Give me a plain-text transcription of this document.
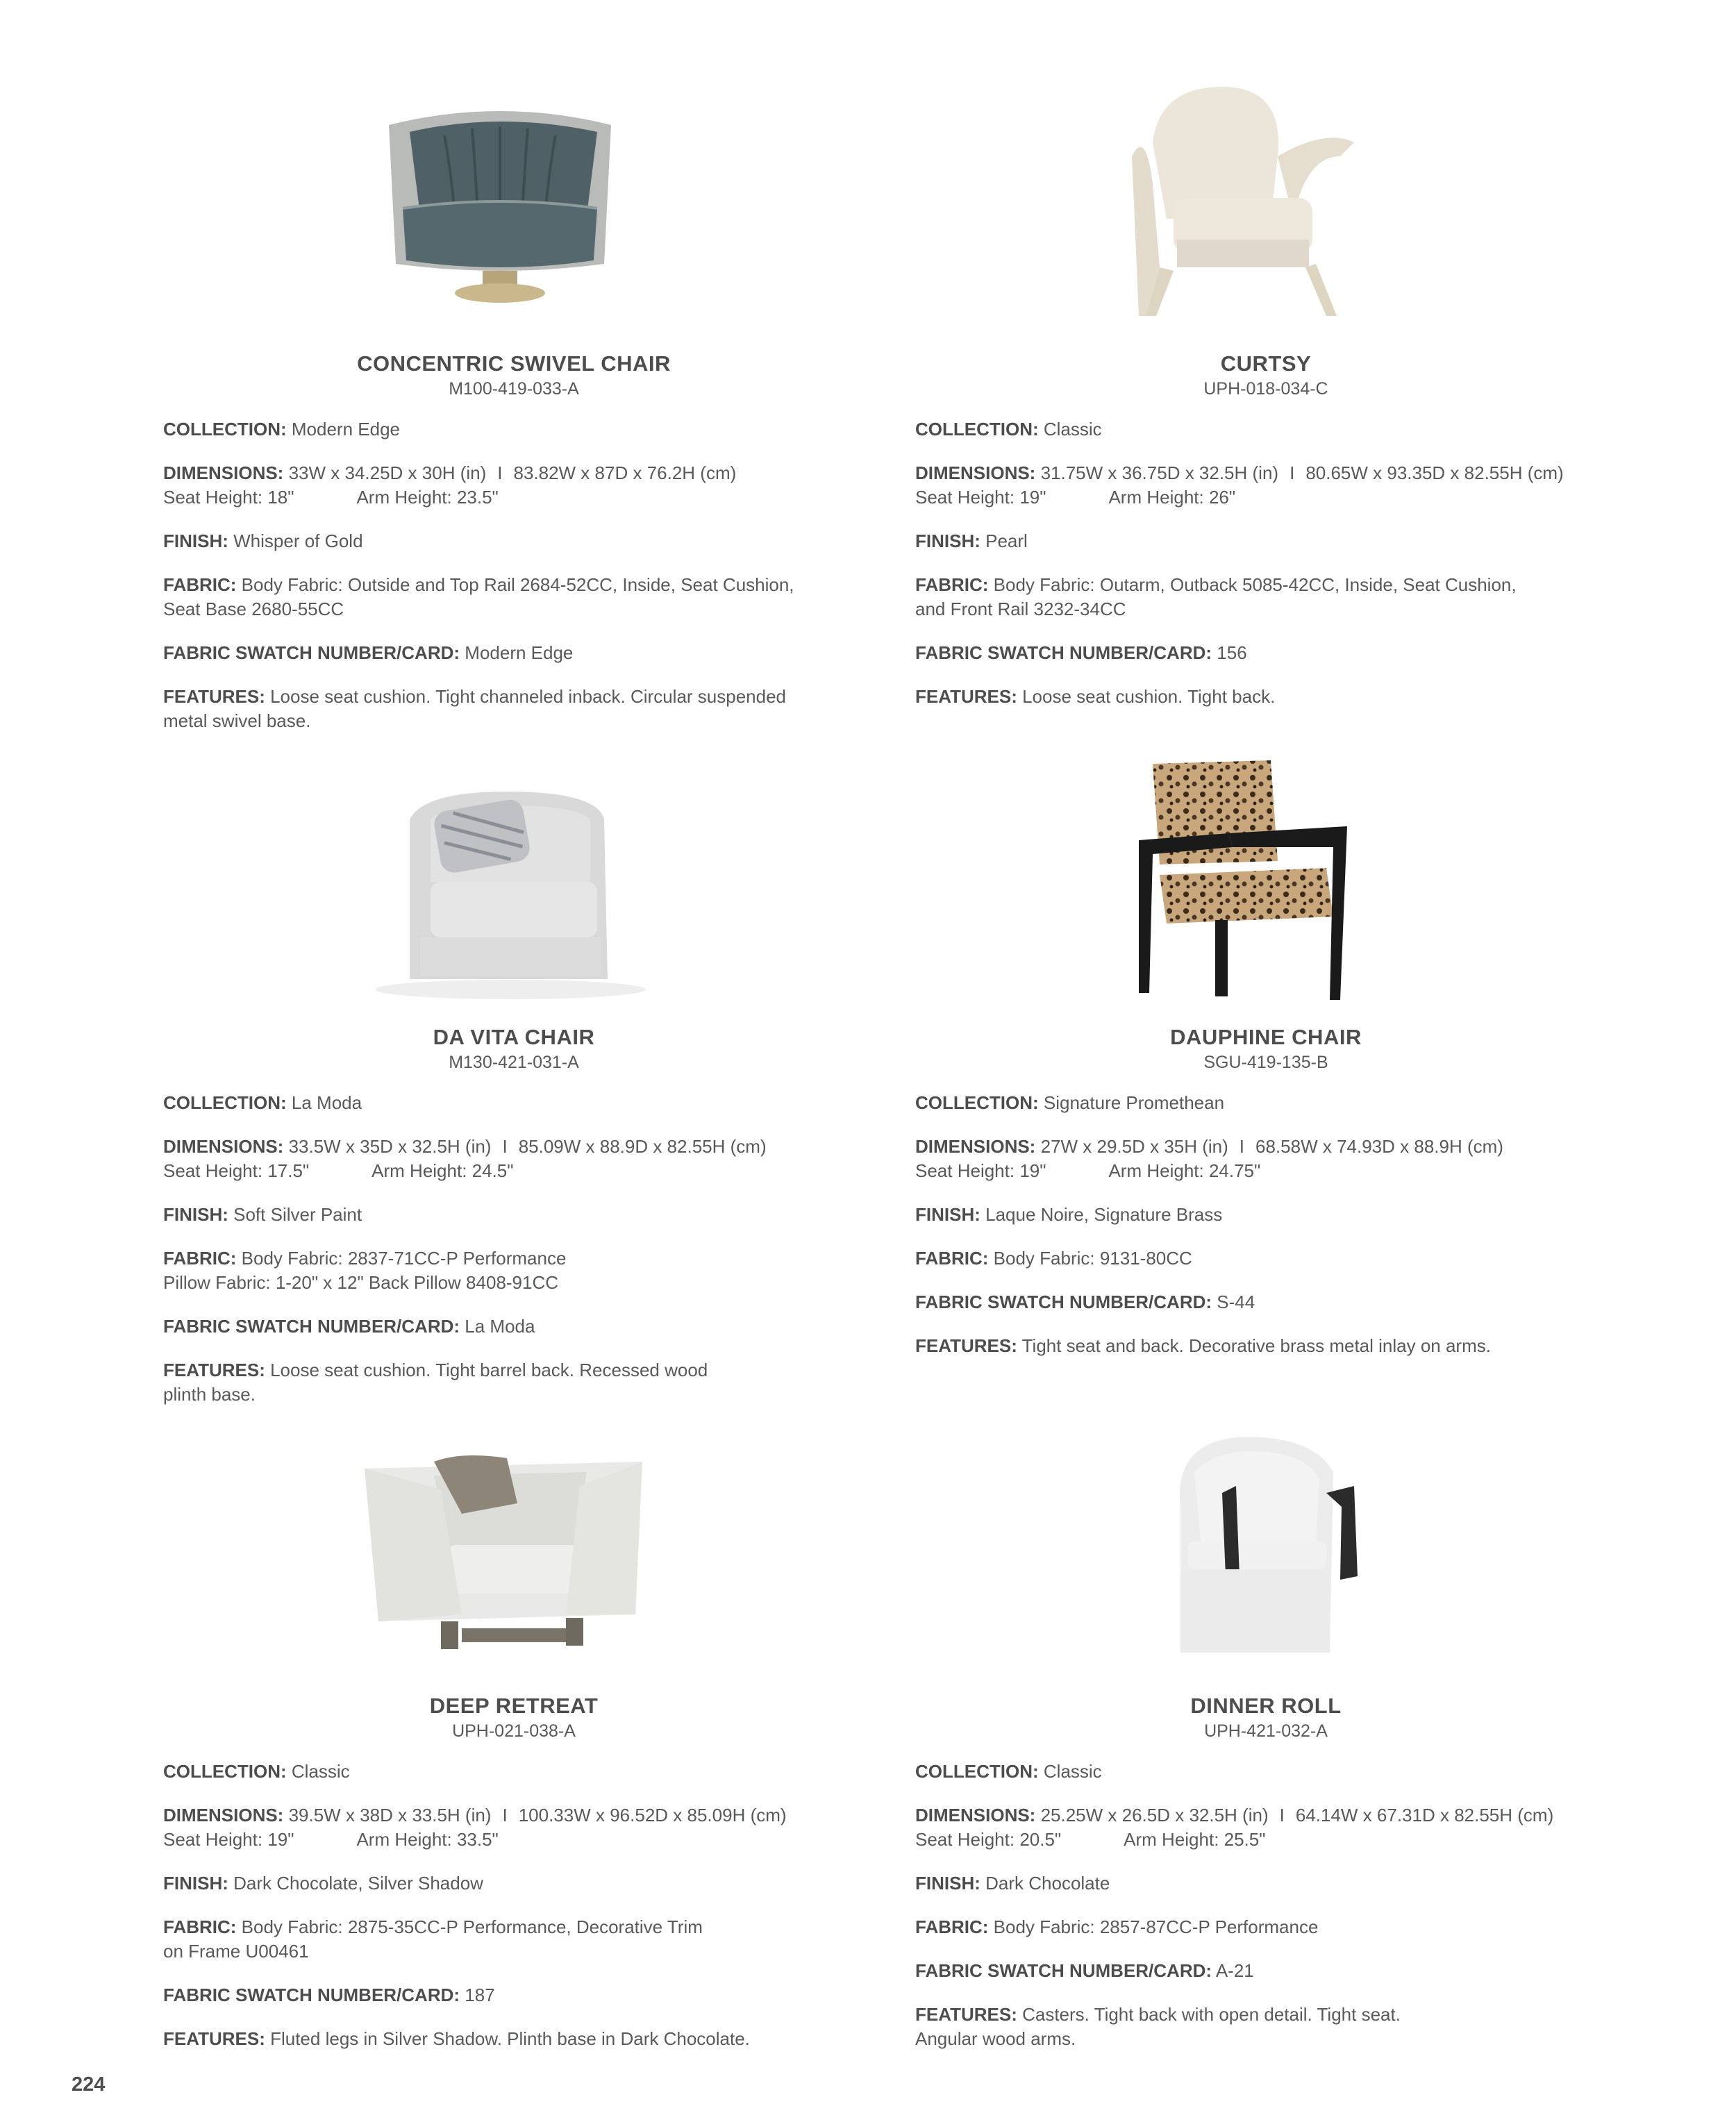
CONCENTRIC SWIVEL CHAIR

M100-419-033-A

COLLECTION: Modern Edge

DIMENSIONS: 33W x 34.25D x 30H (in) I 83.82W x 87D x 76.2H (cm)
Seat Height: 18"	Arm Height: 23.5"

FINISH: Whisper of Gold

FABRIC: Body Fabric: Outside and Top Rail 2684-52CC, Inside, Seat Cushion,
Seat Base 2680-55CC

FABRIC SWATCH NUMBER/CARD: Modern Edge

FEATURES: Loose seat cushion. Tight channeled inback. Circular suspended
metal swivel base.

CURTSY

UPH-018-034-C

COLLECTION: Classic

DIMENSIONS: 31.75W x 36.75D x 32.5H (in) I 80.65W x 93.35D x 82.55H (cm)
Seat Height: 19"	Arm Height: 26"

FINISH: Pearl

FABRIC: Body Fabric: Outarm, Outback 5085-42CC, Inside, Seat Cushion,
and Front Rail 3232-34CC

FABRIC SWATCH NUMBER/CARD: 156

FEATURES: Loose seat cushion. Tight back.

DA VITA CHAIR

M130-421-031-A

COLLECTION: La Moda

DIMENSIONS: 33.5W x 35D x 32.5H (in) I 85.09W x 88.9D x 82.55H (cm)
Seat Height: 17.5"	Arm Height: 24.5"

FINISH: Soft Silver Paint

FABRIC: Body Fabric: 2837-71CC-P Performance
Pillow Fabric: 1-20" x 12" Back Pillow 8408-91CC

FABRIC SWATCH NUMBER/CARD: La Moda

FEATURES: Loose seat cushion. Tight barrel back. Recessed wood
plinth base.

DAUPHINE CHAIR

SGU-419-135-B

COLLECTION: Signature Promethean

DIMENSIONS: 27W x 29.5D x 35H (in) I 68.58W x 74.93D x 88.9H (cm)
Seat Height: 19"	Arm Height: 24.75"

FINISH: Laque Noire, Signature Brass

FABRIC: Body Fabric: 9131-80CC

FABRIC SWATCH NUMBER/CARD: S-44

FEATURES: Tight seat and back. Decorative brass metal inlay on arms.

DEEP RETREAT

UPH-021-038-A

COLLECTION: Classic

DIMENSIONS: 39.5W x 38D x 33.5H (in) I 100.33W x 96.52D x 85.09H (cm)
Seat Height: 19"	Arm Height: 33.5"

FINISH: Dark Chocolate, Silver Shadow

FABRIC: Body Fabric: 2875-35CC-P Performance, Decorative Trim
on Frame U00461

FABRIC SWATCH NUMBER/CARD: 187

FEATURES: Fluted legs in Silver Shadow. Plinth base in Dark Chocolate.

DINNER ROLL

UPH-421-032-A

COLLECTION: Classic

DIMENSIONS: 25.25W x 26.5D x 32.5H (in) I 64.14W x 67.31D x 82.55H (cm)
Seat Height: 20.5"	Arm Height: 25.5"

FINISH: Dark Chocolate

FABRIC: Body Fabric: 2857-87CC-P Performance

FABRIC SWATCH NUMBER/CARD: A-21

FEATURES: Casters. Tight back with open detail. Tight seat.
Angular wood arms.

224
